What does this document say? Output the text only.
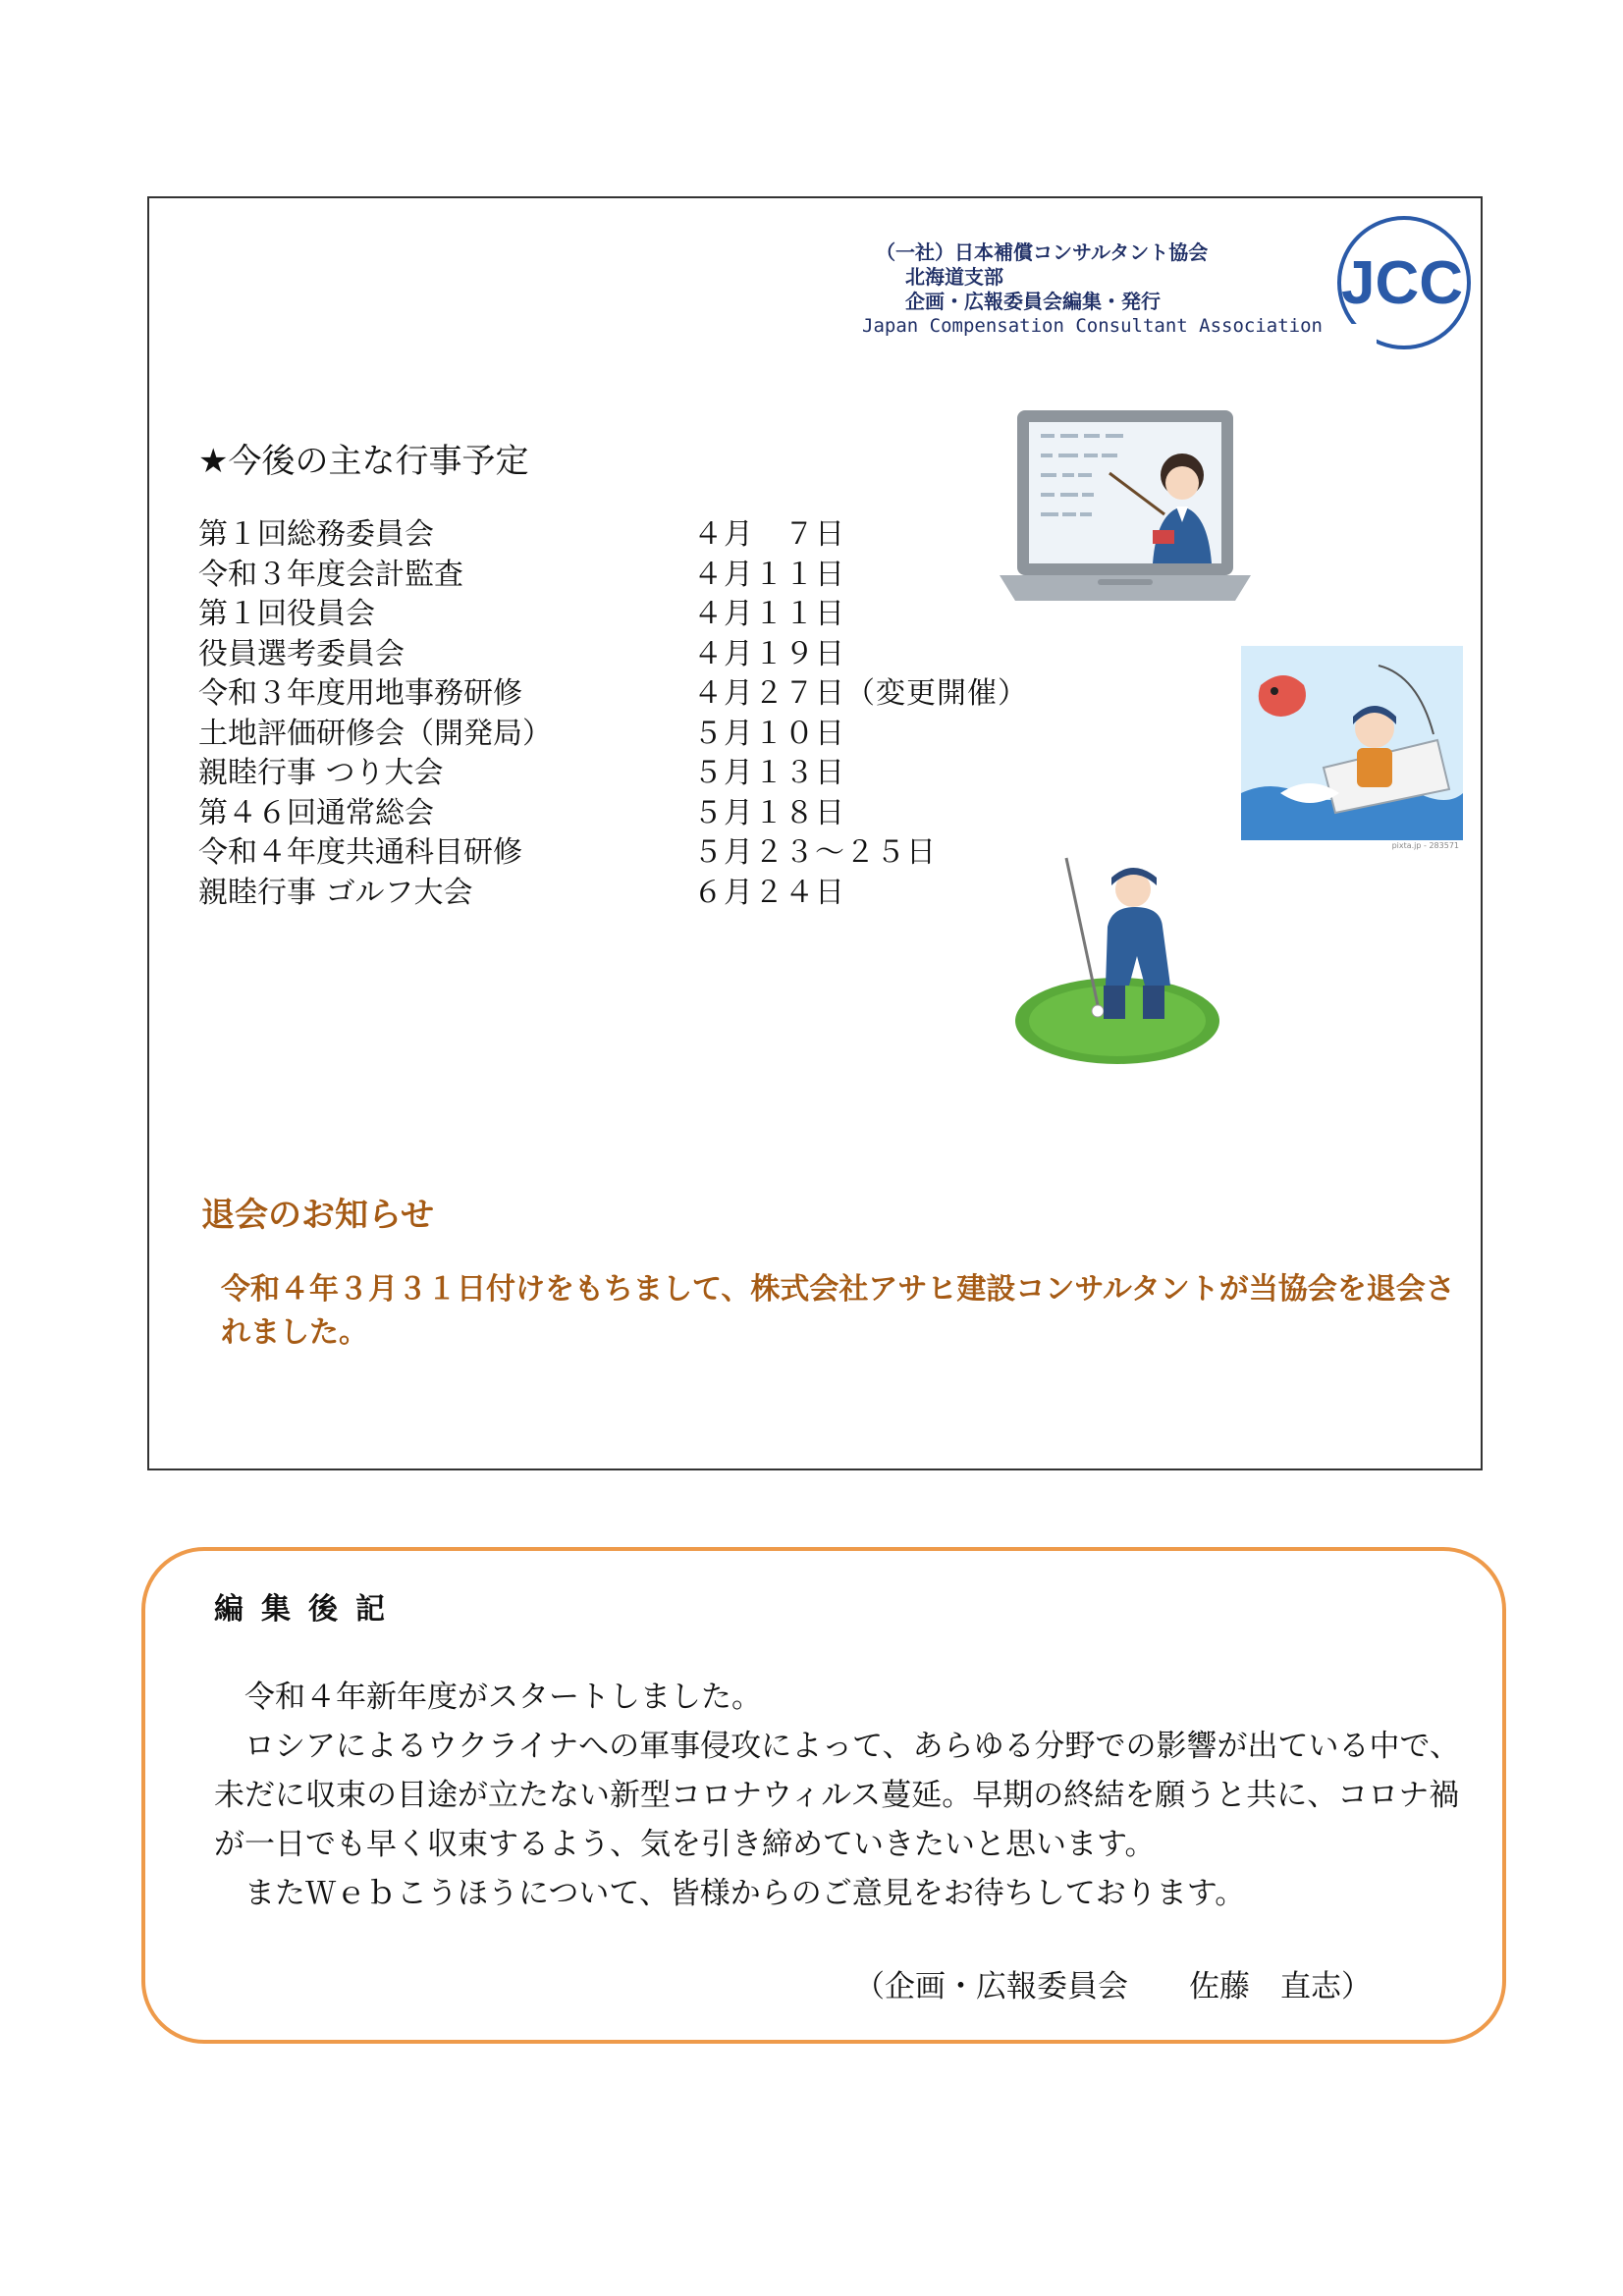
（一社）日本補償コンサルタント協会
北海道支部
企画・広報委員会編集・発行
Japan Compensation Consultant Association
JCC
★今後の主な行事予定
第１回総務委員会	４月　７日
令和３年度会計監査	４月１１日
第１回役員会	４月１１日
役員選考委員会	４月１９日
令和３年度用地事務研修	４月２７日（変更開催）
土地評価研修会（開発局）	５月１０日
親睦行事 つり大会	５月１３日
第４６回通常総会	５月１８日
令和４年度共通科目研修	５月２３～２５日
親睦行事 ゴルフ大会	６月２４日
pixta.jp - 283571
退会のお知らせ
令和４年３月３１日付けをもちまして、株式会社アサヒ建設コンサルタントが当協会を退会されました。
編集後記

令和４年新年度がスタートしました。

ロシアによるウクライナへの軍事侵攻によって、あらゆる分野での影響が出ている中で、未だに収束の目途が立たない新型コロナウィルス蔓延。早期の終結を願うと共に、コロナ禍が一日でも早く収束するよう、気を引き締めていきたいと思います。

またＷｅｂこうほうについて、皆様からのご意見をお待ちしております。

（企画・広報委員会　　佐藤　直志）
